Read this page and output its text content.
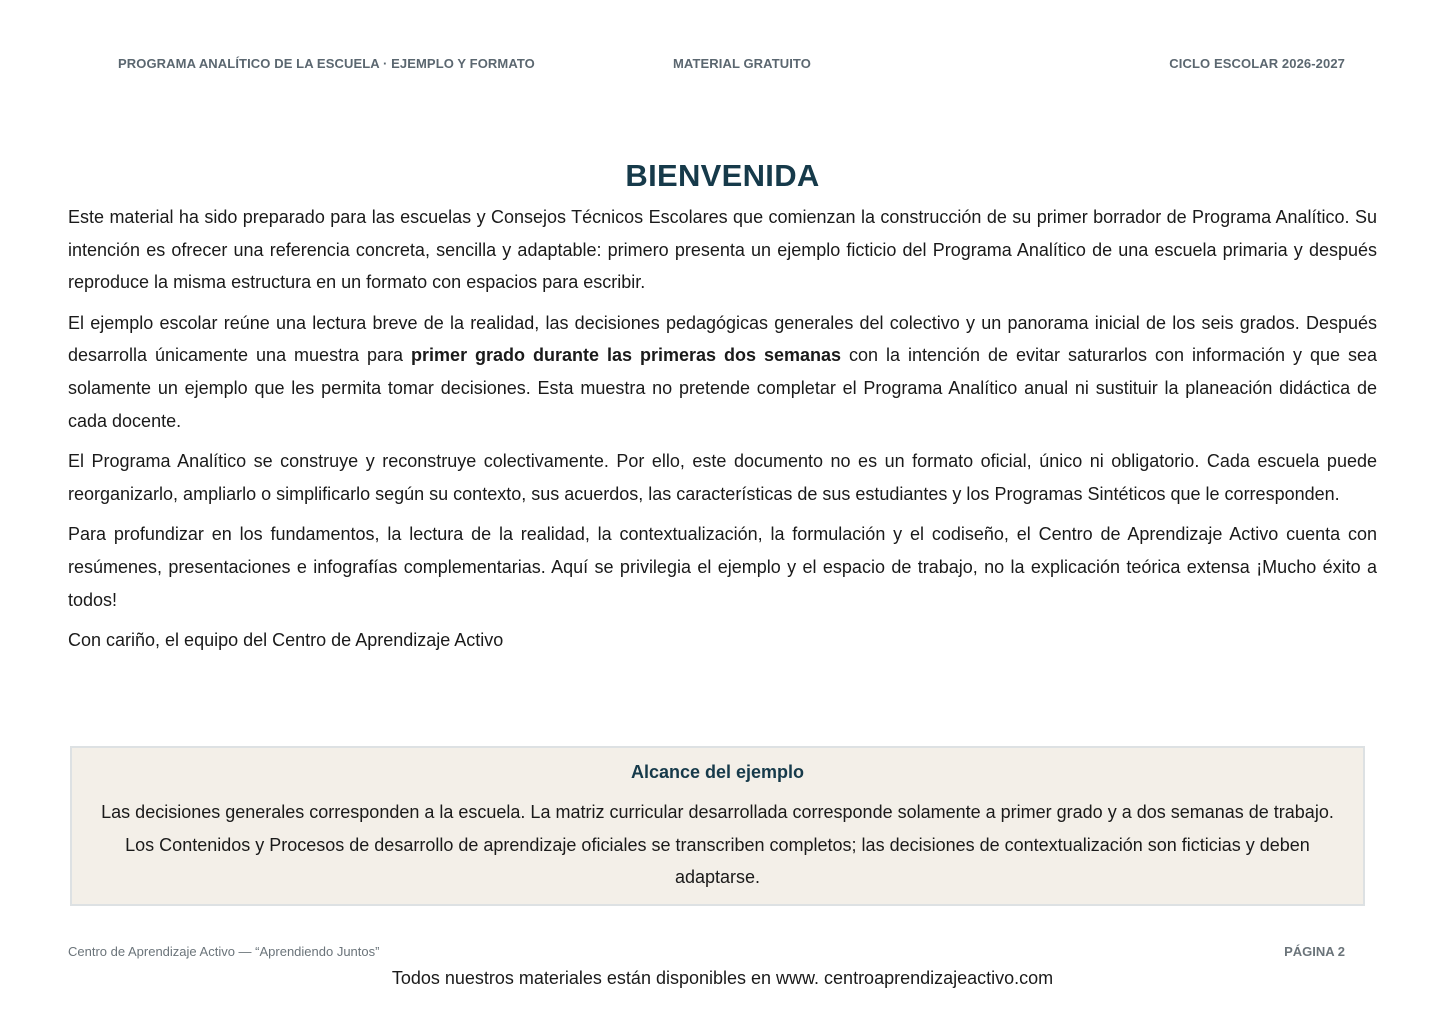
PROGRAMA ANALÍTICO DE LA ESCUELA · EJEMPLO Y FORMATO	MATERIAL GRATUITO	CICLO ESCOLAR 2026-2027
BIENVENIDA

Este material ha sido preparado para las escuelas y Consejos Técnicos Escolares que comienzan la construcción de su primer borrador de Programa Analítico. Su intención es ofrecer una referencia concreta, sencilla y adaptable: primero presenta un ejemplo ficticio del Programa Analítico de una escuela primaria y después reproduce la misma estructura en un formato con espacios para escribir.

El ejemplo escolar reúne una lectura breve de la realidad, las decisiones pedagógicas generales del colectivo y un panorama inicial de los seis grados. Después desarrolla únicamente una muestra para primer grado durante las primeras dos semanas con la intención de evitar saturarlos con información y que sea solamente un ejemplo que les permita tomar decisiones. Esta muestra no pretende completar el Programa Analítico anual ni sustituir la planeación didáctica de cada docente.

El Programa Analítico se construye y reconstruye colectivamente. Por ello, este documento no es un formato oficial, único ni obligatorio. Cada escuela puede reorganizarlo, ampliarlo o simplificarlo según su contexto, sus acuerdos, las características de sus estudiantes y los Programas Sintéticos que le corresponden.

Para profundizar en los fundamentos, la lectura de la realidad, la contextualización, la formulación y el codiseño, el Centro de Aprendizaje Activo cuenta con resúmenes, presentaciones e infografías complementarias. Aquí se privilegia el ejemplo y el espacio de trabajo, no la explicación teórica extensa ¡Mucho éxito a todos!

Con cariño, el equipo del Centro de Aprendizaje Activo

Alcance del ejemplo

Las decisiones generales corresponden a la escuela. La matriz curricular desarrollada corresponde solamente a primer grado y a dos semanas de trabajo. Los Contenidos y Procesos de desarrollo de aprendizaje oficiales se transcriben completos; las decisiones de contextualización son ficticias y deben adaptarse.

Centro de Aprendizaje Activo — “Aprendiendo Juntos”	PÁGINA 2
Todos nuestros materiales están disponibles en www. centroaprendizajeactivo.com
